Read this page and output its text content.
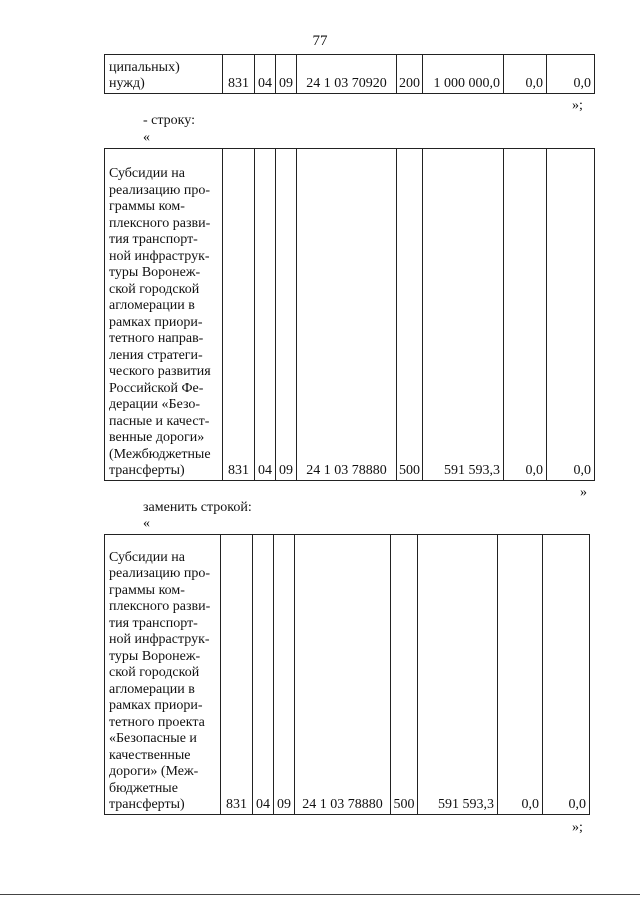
77
ципальных)
нужд)	831	04	09	24 1 03 70920	200	1 000 000,0	0,0	0,0
»;
- строку:
«
Субсидии на
реализацию про-
граммы ком-
плексного разви-
тия транспорт-
ной инфраструк-
туры Воронеж-
ской городской
агломерации в
рамках приори-
тетного направ-
ления стратеги-
ческого развития
Российской Фе-
дерации «Безо-
пасные и качест-
венные дороги»
(Межбюджетные
трансферты)	831	04	09	24 1 03 78880	500	591 593,3	0,0	0,0
»
заменить строкой:
«
Субсидии на
реализацию про-
граммы ком-
плексного разви-
тия транспорт-
ной инфраструк-
туры Воронеж-
ской городской
агломерации в
рамках приори-
тетного проекта
«Безопасные и
качественные
дороги» (Меж-
бюджетные
трансферты)	831	04	09	24 1 03 78880	500	591 593,3	0,0	0,0
»;
